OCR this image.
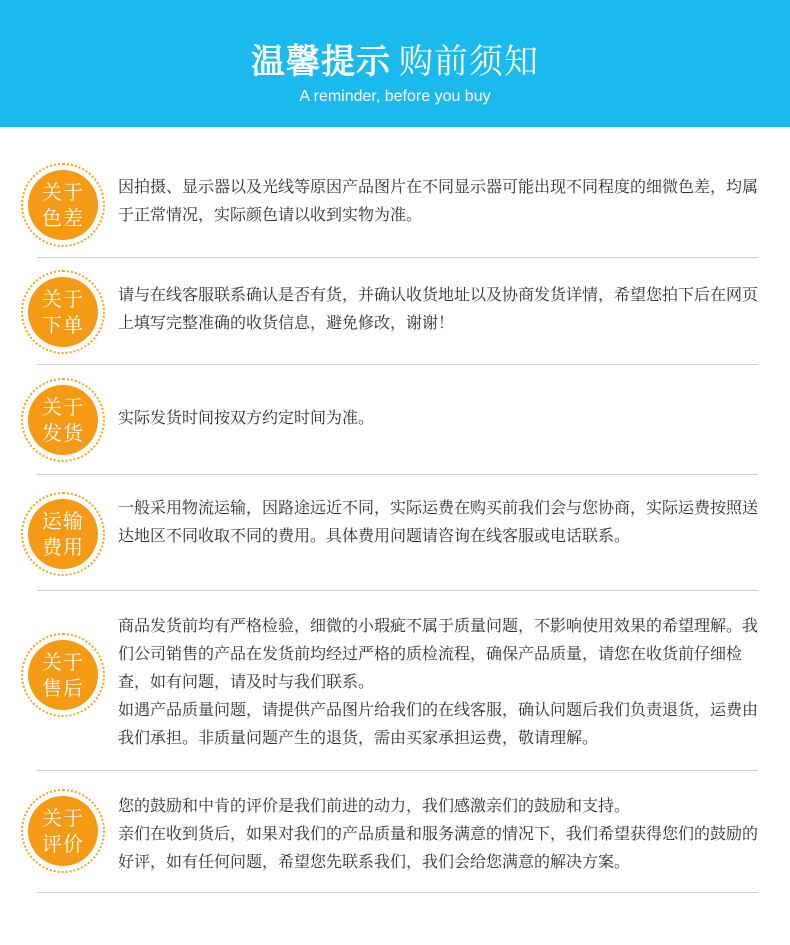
温馨提示 购前须知
A reminder, before you buy
关于
色差

因拍摄、显示器以及光线等原因产品图片在不同显示器可能出现不同程度的细微色差，均属于正常情况，实际颜色请以收到实物为准。

关于
下单

请与在线客服联系确认是否有货，并确认收货地址以及协商发货详情，希望您拍下后在网页上填写完整准确的收货信息，避免修改，谢谢！

关于
发货

实际发货时间按双方约定时间为准。

运输
费用

一般采用物流运输，因路途远近不同，实际运费在购买前我们会与您协商，实际运费按照送达地区不同收取不同的费用。具体费用问题请咨询在线客服或电话联系。

关于
售后

商品发货前均有严格检验，细微的小瑕疵不属于质量问题，不影响使用效果的希望理解。我们公司销售的产品在发货前均经过严格的质检流程，确保产品质量，请您在收货前仔细检查，如有问题，请及时与我们联系。

如遇产品质量问题，请提供产品图片给我们的在线客服，确认问题后我们负责退货，运费由我们承担。非质量问题产生的退货，需由买家承担运费，敬请理解。

关于
评价

您的鼓励和中肯的评价是我们前进的动力，我们感激亲们的鼓励和支持。

亲们在收到货后，如果对我们的产品质量和服务满意的情况下，我们希望获得您们的鼓励的好评，如有任何问题，希望您先联系我们，我们会给您满意的解决方案。
